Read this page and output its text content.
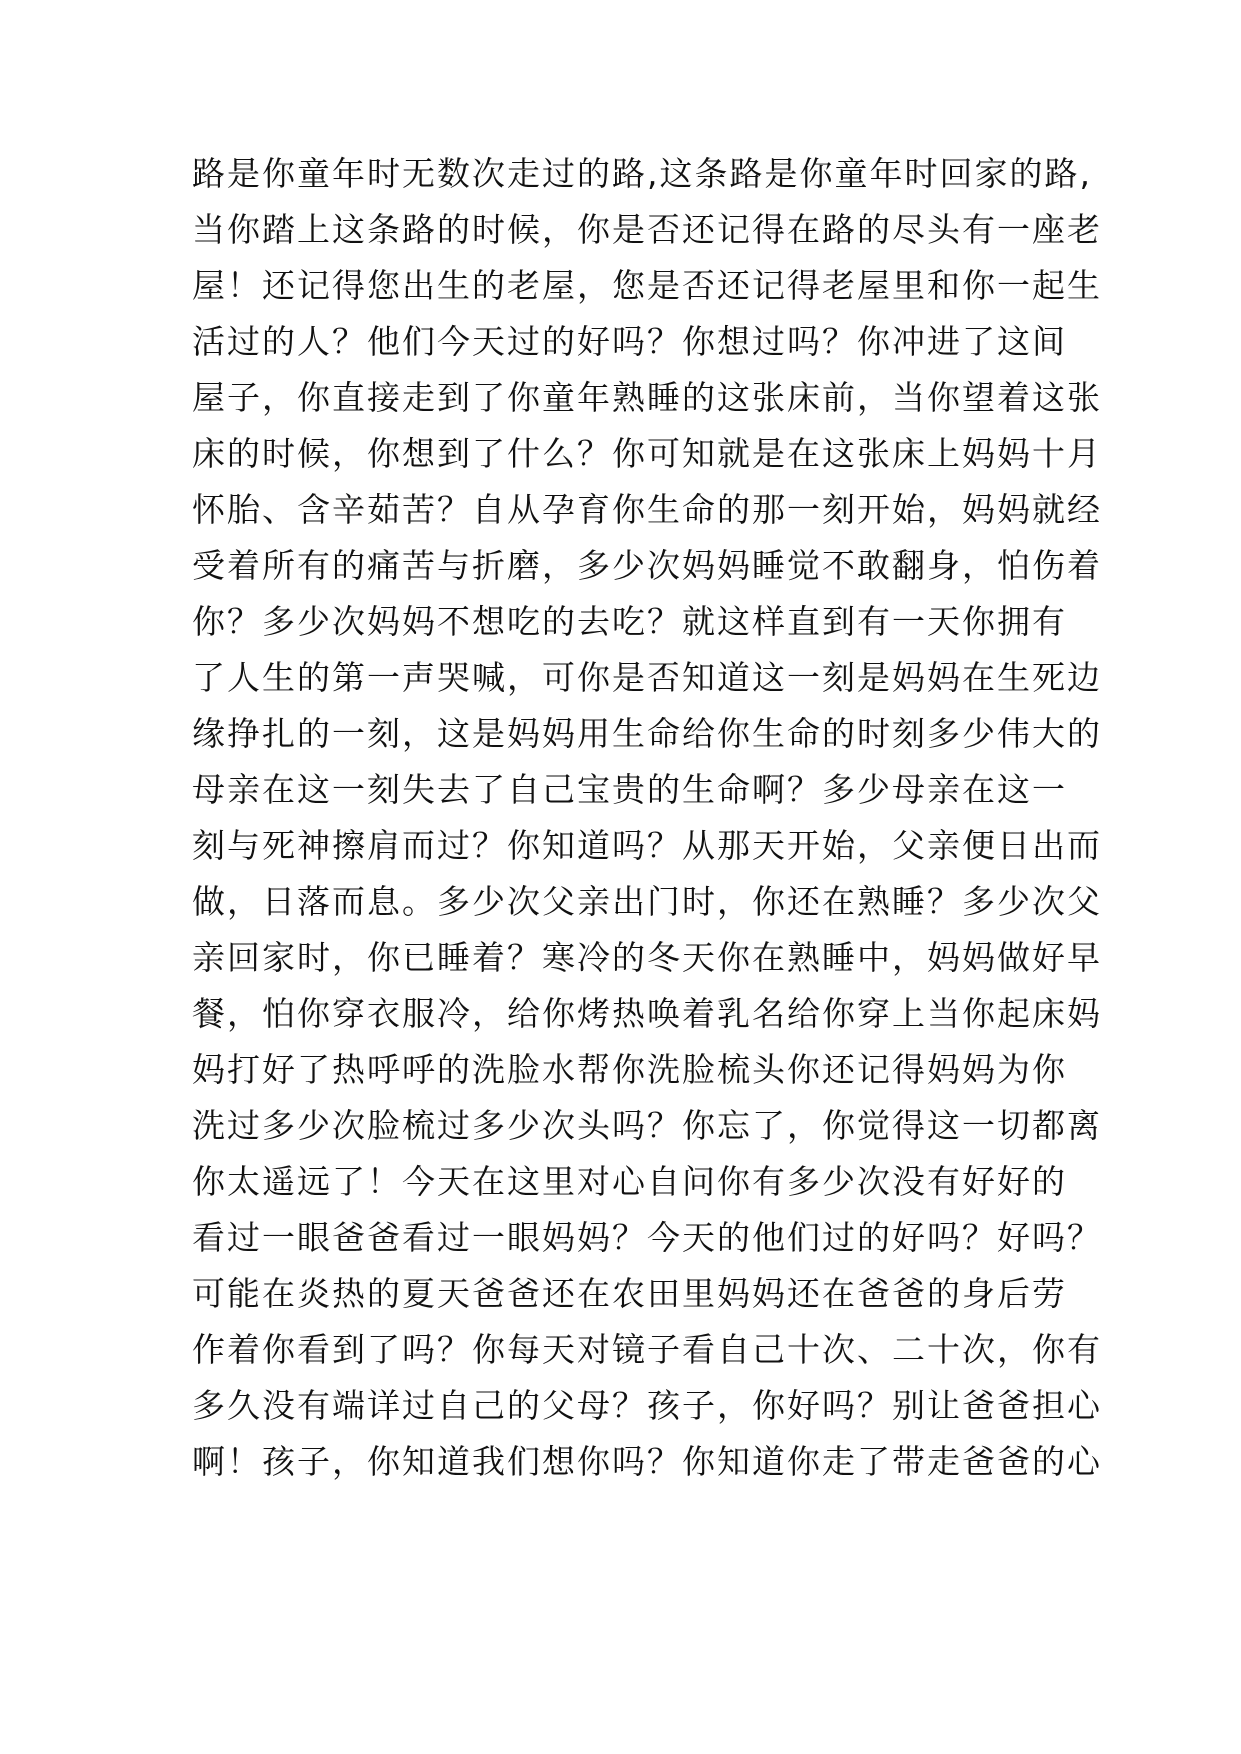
路是你童年时无数次走过的路,这条路是你童年时回家的路,
当你踏上这条路的时候，你是否还记得在路的尽头有一座老
屋！还记得您出生的老屋，您是否还记得老屋里和你一起生
活过的人？他们今天过的好吗？你想过吗？你冲进了这间
屋子，你直接走到了你童年熟睡的这张床前，当你望着这张
床的时候，你想到了什么？你可知就是在这张床上妈妈十月
怀胎、含辛茹苦？自从孕育你生命的那一刻开始，妈妈就经
受着所有的痛苦与折磨，多少次妈妈睡觉不敢翻身，怕伤着
你？多少次妈妈不想吃的去吃？就这样直到有一天你拥有
了人生的第一声哭喊，可你是否知道这一刻是妈妈在生死边
缘挣扎的一刻，这是妈妈用生命给你生命的时刻多少伟大的
母亲在这一刻失去了自己宝贵的生命啊？多少母亲在这一
刻与死神擦肩而过？你知道吗？从那天开始，父亲便日出而
做，日落而息。多少次父亲出门时，你还在熟睡？多少次父
亲回家时，你已睡着？寒冷的冬天你在熟睡中，妈妈做好早
餐，怕你穿衣服冷，给你烤热唤着乳名给你穿上当你起床妈
妈打好了热呼呼的洗脸水帮你洗脸梳头你还记得妈妈为你
洗过多少次脸梳过多少次头吗？你忘了，你觉得这一切都离
你太遥远了！今天在这里对心自问你有多少次没有好好的
看过一眼爸爸看过一眼妈妈？今天的他们过的好吗？好吗？
可能在炎热的夏天爸爸还在农田里妈妈还在爸爸的身后劳
作着你看到了吗？你每天对镜子看自己十次、二十次，你有
多久没有端详过自己的父母？孩子，你好吗？别让爸爸担心
啊！孩子，你知道我们想你吗？你知道你走了带走爸爸的心
